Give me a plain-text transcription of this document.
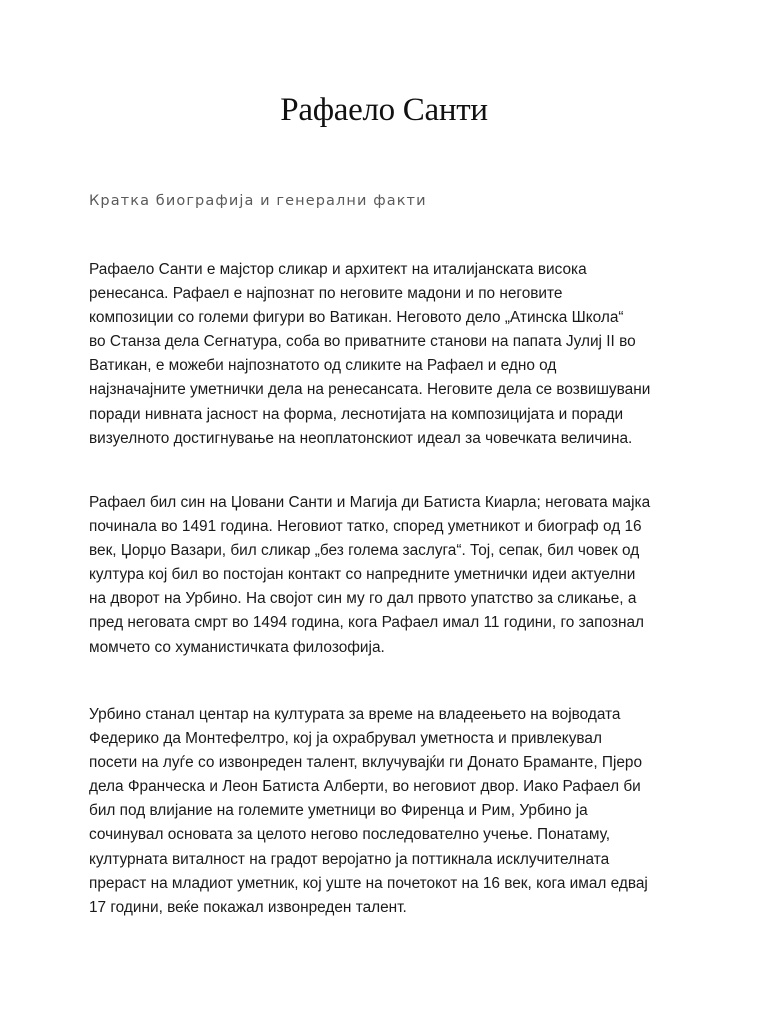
Рафаело Санти
Кратка биографија и генерални факти

Рафаело Санти е мајстор сликар и архитект на италијанската висока
ренесанса. Рафаел е најпознат по неговите мадони и по неговите
композиции со големи фигури во Ватикан. Неговото дело „Атинска Школа“
во Станза дела Сегнатура, соба во приватните станови на папата Јулиј II во
Ватикан, е можеби најпознатото од сликите на Рафаел и едно од
најзначајните уметнички дела на ренесансата. Неговите дела се возвишувани
поради нивната јасност на форма, леснотијата на композицијата и поради
визуелното достигнување на неоплатонскиот идеал за човечката величина.

Рафаел бил син на Џовани Санти и Магија ди Батиста Киарла; неговата мајка
починала во 1491 година. Неговиот татко, според уметникот и биограф од 16
век, Џорџо Вазари, бил сликар „без голема заслуга“. Тој, сепак, бил човек од
култура кој бил во постојан контакт со напредните уметнички идеи актуелни
на дворот на Урбино. На својот син му го дал првото упатство за сликање, а
пред неговата смрт во 1494 година, кога Рафаел имал 11 години, го запознал
момчето со хуманистичката филозофија.

Урбино станал центар на културата за време на владеењето на војводата
Федерико да Монтефелтро, кој ја охрабрувал уметноста и привлекувал
посети на луѓе со извонреден талент, вклучувајќи ги Донато Браманте, Пјеро
дела Франческа и Леон Батиста Алберти, во неговиот двор. Иако Рафаел би
бил под влијание на големите уметници во Фиренца и Рим, Урбино ја
сочинувал основата за целото негово последователно учење. Понатаму,
културната виталност на градот веројатно ја поттикнала исклучителната
прераст на младиот уметник, кој уште на почетокот на 16 век, кога имал едвај
17 години, веќе покажал извонреден талент.
